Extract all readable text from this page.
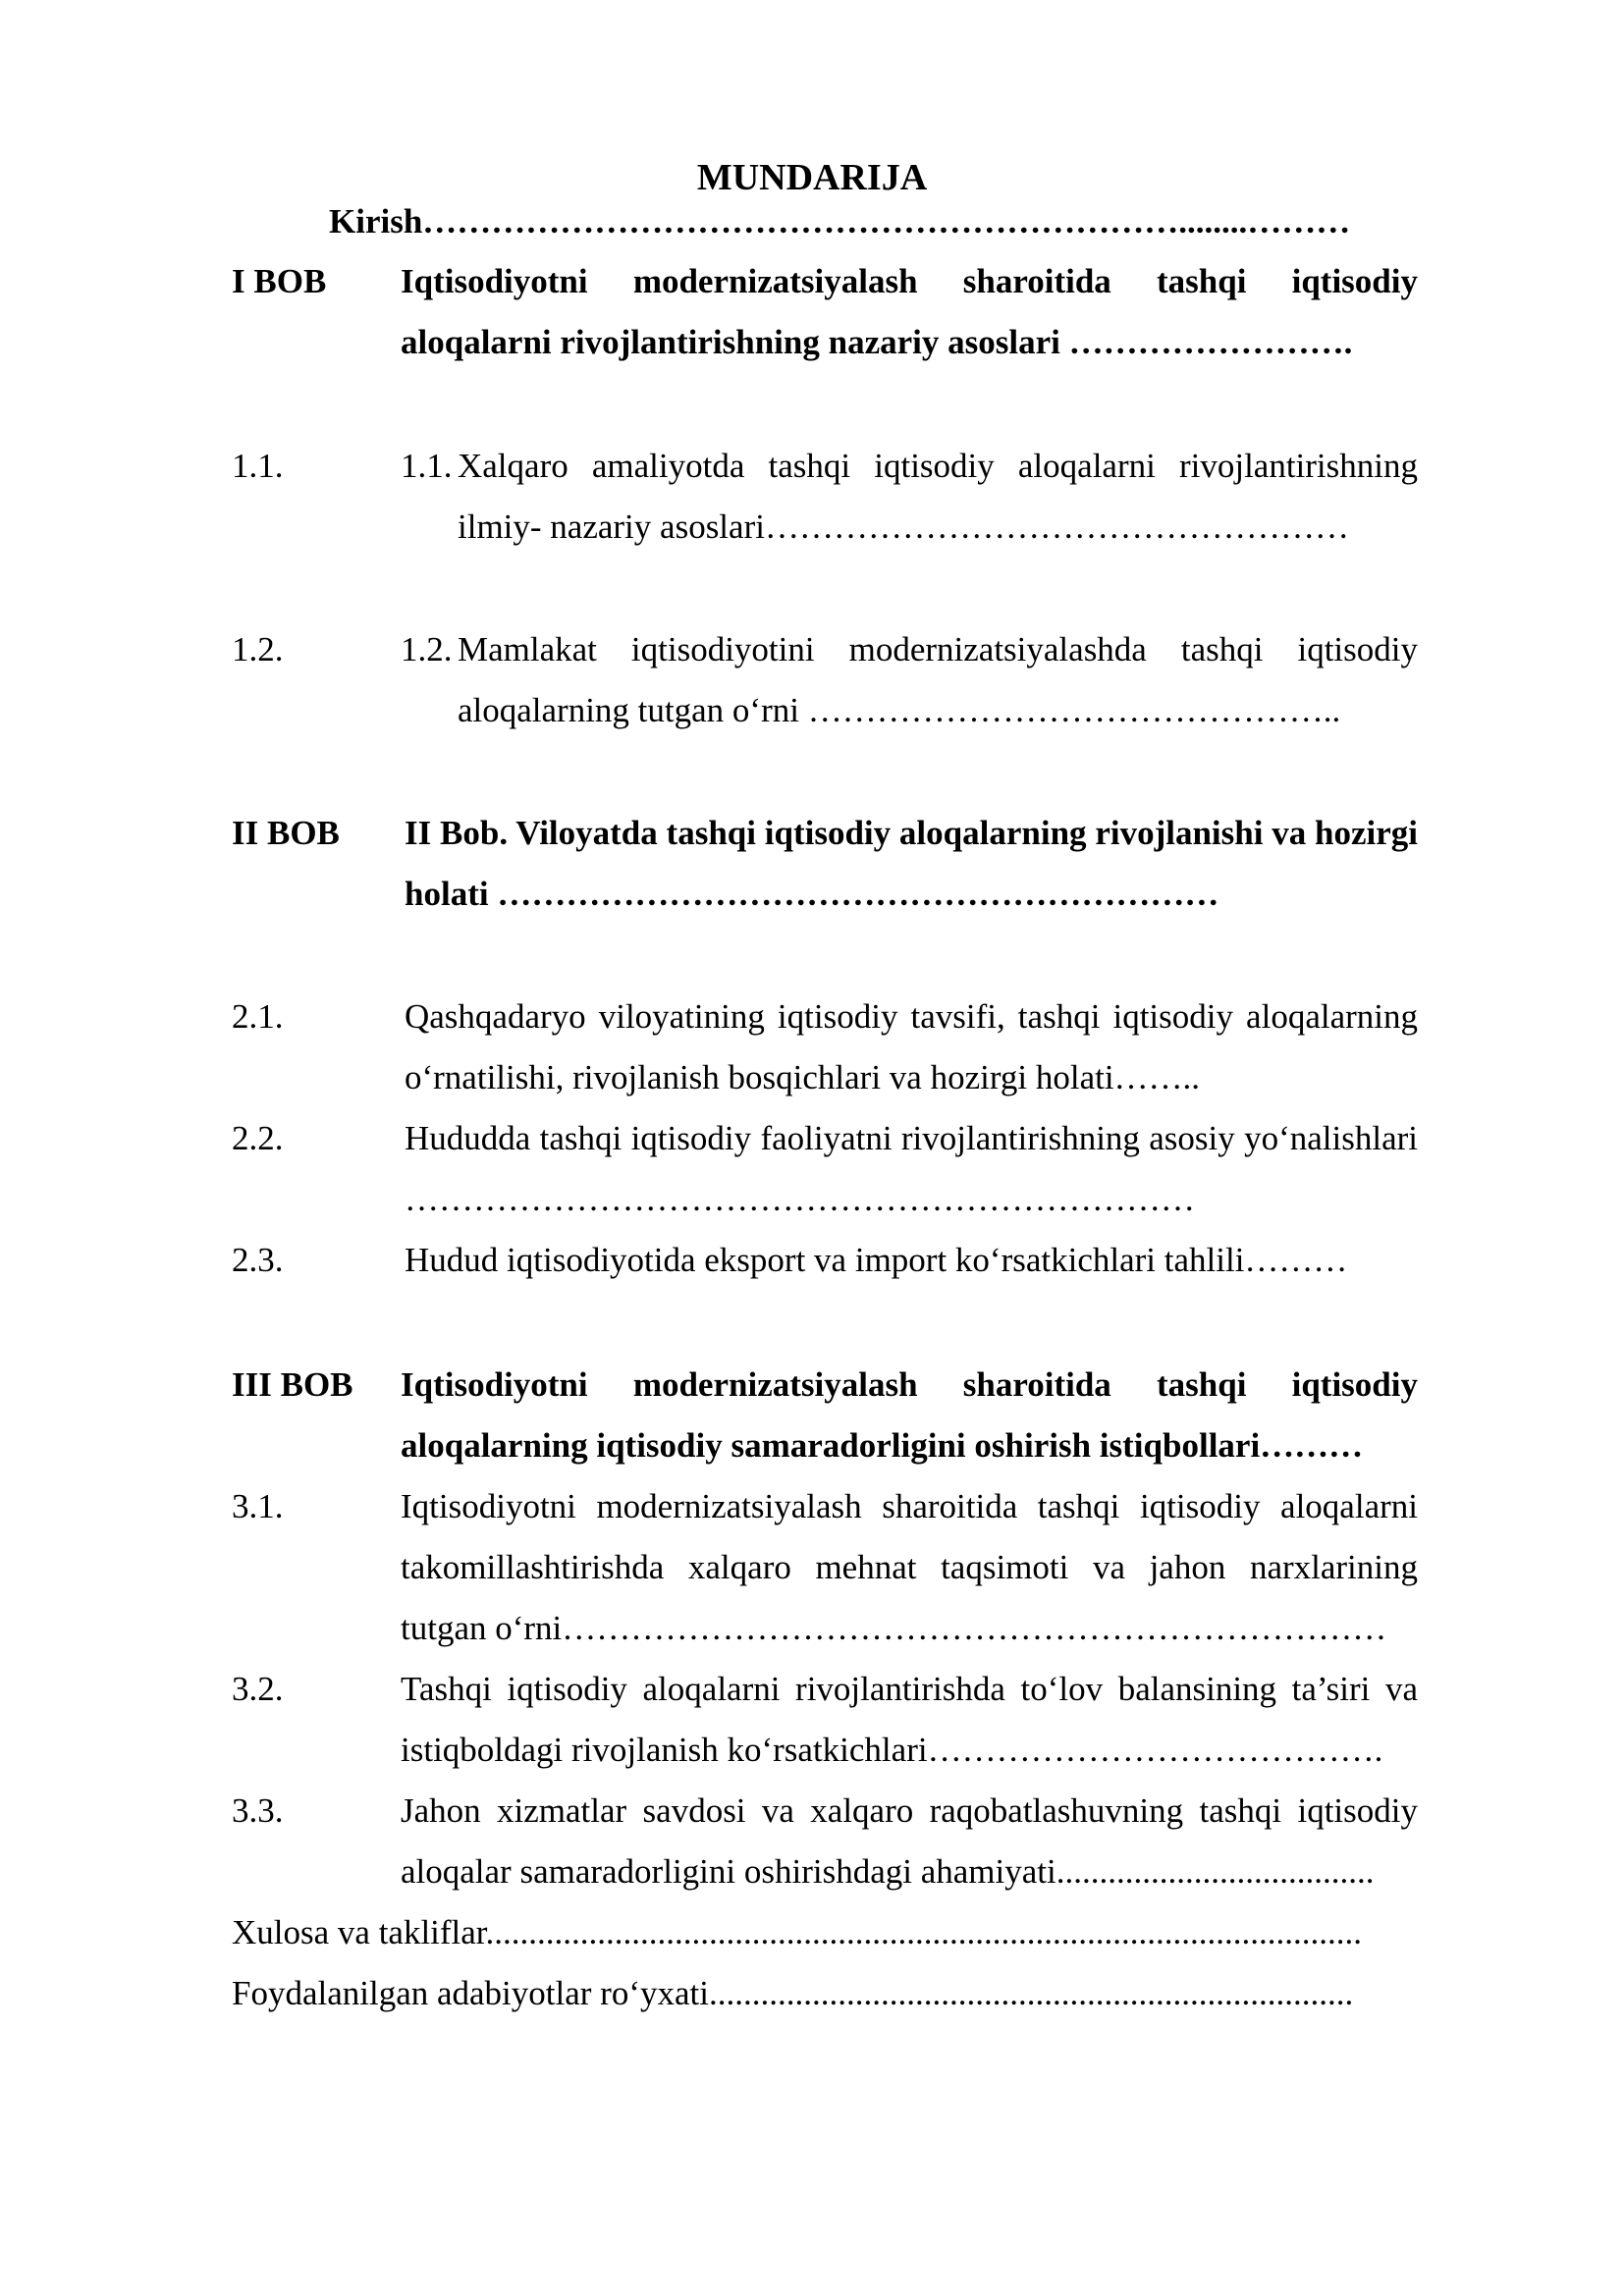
MUNDARIJA
Kirish…………………………………………………………........………
I BOB Iqtisodiyotni modernizatsiyalash sharoitida tashqi iqtisodiy aloqalarni rivojlantirishning nazariy asoslari …………………….
1.1.	1.1. Xalqaro amaliyotda tashqi iqtisodiy aloqalarni rivojlantirishning ilmiy- nazariy asoslari……………………………………………
1.2.	1.2. Mamlakat iqtisodiyotini modernizatsiyalashda tashqi iqtisodiy aloqalarning tutgan o‘rni ………………………………………..
II BOB II Bob. Viloyatda tashqi iqtisodiy aloqalarning rivojlanishi va hozirgi holati ………………………………………………………
2.1.	Qashqadaryo viloyatining iqtisodiy tavsifi, tashqi iqtisodiy aloqalarning o‘rnatilishi, rivojlanish bosqichlari va hozirgi holati……..
2.2.	Hududda tashqi iqtisodiy faoliyatni rivojlantirishning asosiy yo‘nalishlari ……………………………………………………………
2.3.	Hudud iqtisodiyotida eksport va import ko‘rsatkichlari tahlili………
III BOB Iqtisodiyotni modernizatsiyalash sharoitida tashqi iqtisodiy aloqalarning iqtisodiy samaradorligini oshirish istiqbollari………
3.1.	Iqtisodiyotni modernizatsiyalash sharoitida tashqi iqtisodiy aloqalarni takomillashtirishda xalqaro mehnat taqsimoti va jahon narxlarining tutgan o‘rni………………………………………………………………
3.2.	Tashqi iqtisodiy aloqalarni rivojlantirishda to‘lov balansining ta’siri va istiqboldagi rivojlanish ko‘rsatkichlari………………………………….
3.3.	Jahon xizmatlar savdosi va xalqaro raqobatlashuvning tashqi iqtisodiy aloqalar samaradorligini oshirishdagi ahamiyati.....................................
Xulosa va takliflar......................................................................................................
Foydalanilgan adabiyotlar ro‘yxati...........................................................................
